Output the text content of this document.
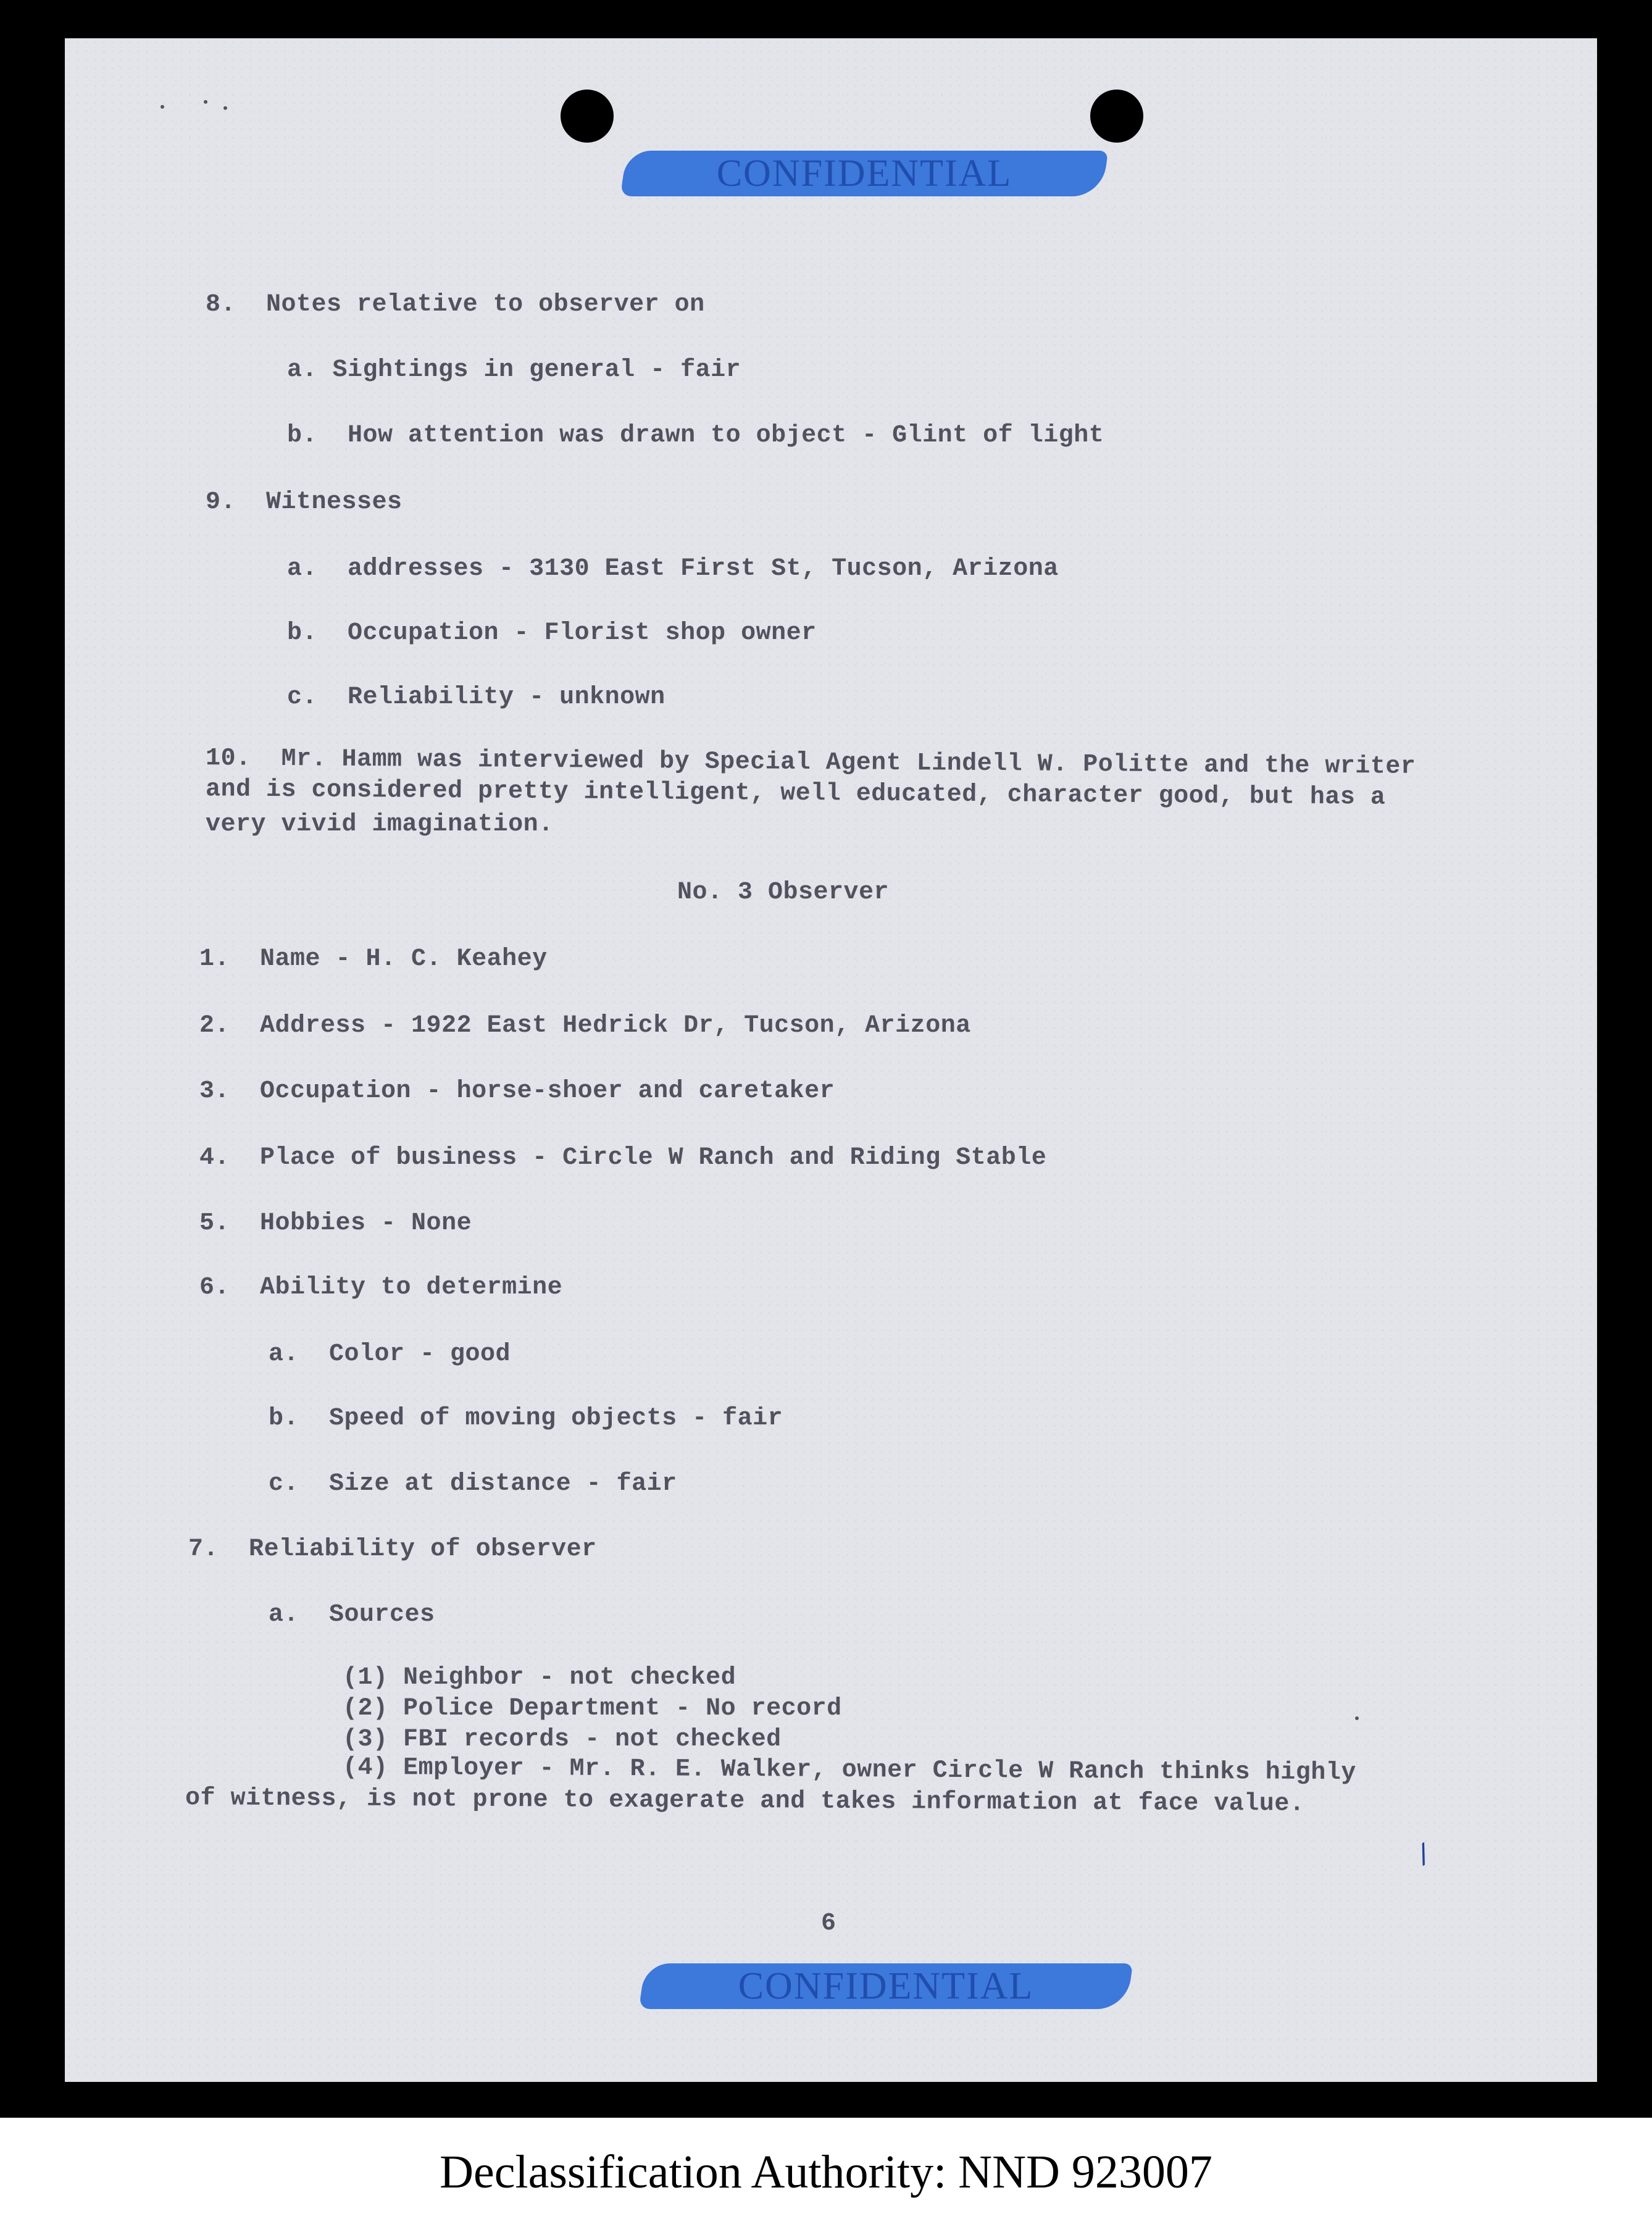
CONFIDENTIAL
8.  Notes relative to observer on
a. Sightings in general - fair
b.  How attention was drawn to object - Glint of light
9.  Witnesses
a.  addresses - 3130 East First St, Tucson, Arizona
b.  Occupation - Florist shop owner
c.  Reliability - unknown
10.  Mr. Hamm was interviewed by Special Agent Lindell W. Politte and the writer
and is considered pretty intelligent, well educated, character good, but has a
very vivid imagination.
No. 3 Observer
1.  Name - H. C. Keahey
2.  Address - 1922 East Hedrick Dr, Tucson, Arizona
3.  Occupation - horse-shoer and caretaker
4.  Place of business - Circle W Ranch and Riding Stable
5.  Hobbies - None
6.  Ability to determine
a.  Color - good
b.  Speed of moving objects - fair
c.  Size at distance - fair
7.  Reliability of observer
a.  Sources
(1) Neighbor - not checked
(2) Police Department - No record
(3) FBI records - not checked
(4) Employer - Mr. R. E. Walker, owner Circle W Ranch thinks highly
of witness, is not prone to exagerate and takes information at face value.
/
6
CONFIDENTIAL
Declassification Authority: NND 923007
